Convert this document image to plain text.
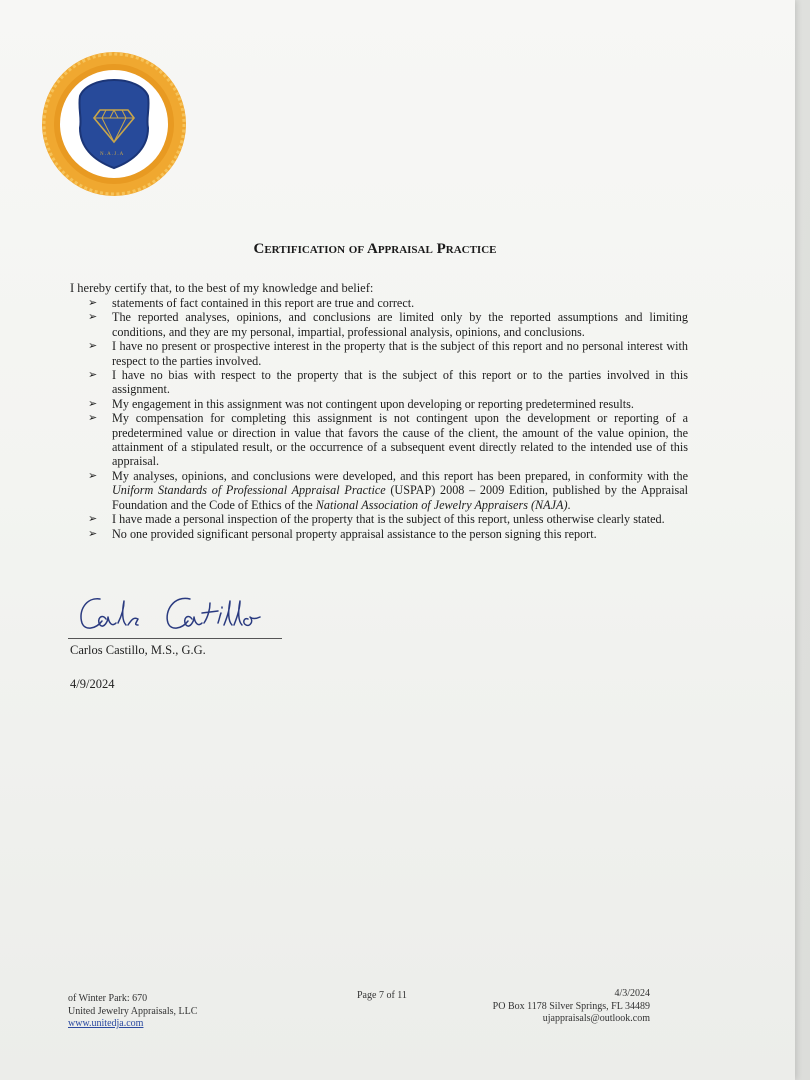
N . A . J . A
Certification of Appraisal Practice
I hereby certify that, to the best of my knowledge and belief:
➢ statements of fact contained in this report are true and correct.
➢ The reported analyses, opinions, and conclusions are limited only by the reported assumptions and limiting conditions, and they are my personal, impartial, professional analysis, opinions, and conclusions.
➢ I have no present or prospective interest in the property that is the subject of this report and no personal interest with respect to the parties involved.
➢ I have no bias with respect to the property that is the subject of this report or to the parties involved in this assignment.
➢ My engagement in this assignment was not contingent upon developing or reporting predetermined results.
➢ My compensation for completing this assignment is not contingent upon the development or reporting of a predetermined value or direction in value that favors the cause of the client, the amount of the value opinion, the attainment of a stipulated result, or the occurrence of a subsequent event directly related to the intended use of this appraisal.
➢ My analyses, opinions, and conclusions were developed, and this report has been prepared, in conformity with the Uniform Standards of Professional Appraisal Practice (USPAP) 2008 – 2009 Edition, published by the Appraisal Foundation and the Code of Ethics of the National Association of Jewelry Appraisers (NAJA).
➢ I have made a personal inspection of the property that is the subject of this report, unless otherwise clearly stated.
➢ No one provided significant personal property appraisal assistance to the person signing this report.
Carlos Castillo, M.S., G.G.
4/9/2024
of Winter Park: 670
United Jewelry Appraisals, LLC
www.unitedja.com
Page 7 of 11	4/3/2024
PO Box 1178 Silver Springs, FL 34489
ujappraisals@outlook.com
